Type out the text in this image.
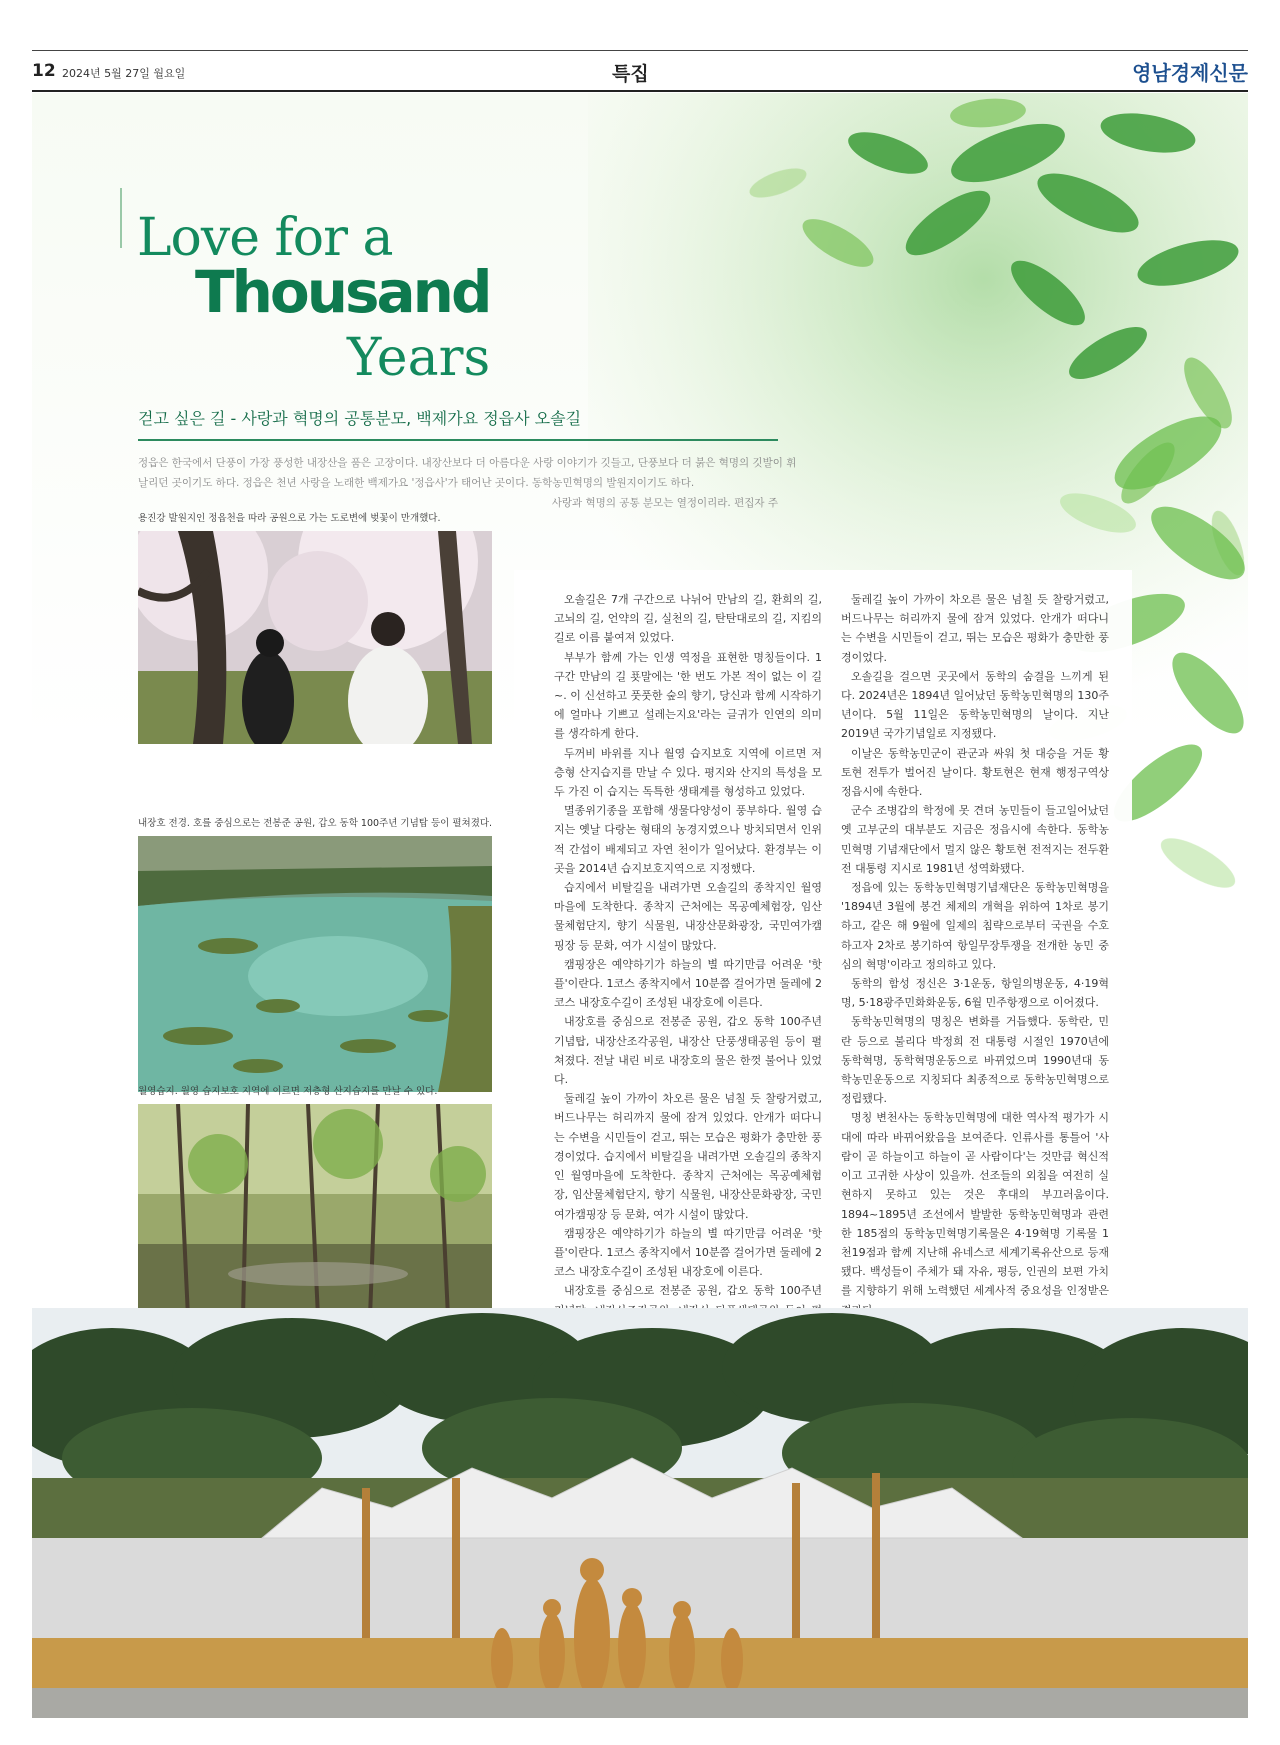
12 2024년 5월 27일 월요일	특집	영남경제신문
Love for a
Thousand
Years
걷고 싶은 길 - 사랑과 혁명의 공통분모, 백제가요 정읍사 오솔길
정읍은 한국에서 단풍이 가장 풍성한 내장산을 품은 고장이다. 내장산보다 더 아름다운 사랑 이야기가 깃들고, 단풍보다 더 붉은 혁명의 깃발이 휘날리던 곳이기도 하다. 정읍은 천년 사랑을 노래한 백제가요 '정읍사'가 태어난 곳이다. 동학농민혁명의 발원지이기도 하다.
사랑과 혁명의 공통 분모는 열정이리라. 편집자 주
용진강 발원지인 정읍천을 따라 공원으로 가는 도로변에 벚꽃이 만개했다.
내장호 전경. 호를 중심으로는 전봉준 공원, 갑오 동학 100주년 기념탑 등이 펼쳐졌다.
월영습지. 월영 습지보호 지역에 이르면 저층형 산지습지를 만날 수 있다.

오솔길은 7개 구간으로 나뉘어 만남의 길, 환희의 길, 고뇌의 길, 언약의 길, 실천의 길, 탄탄대로의 길, 지킴의 길로 이름 붙여져 있었다.

부부가 함께 가는 인생 역정을 표현한 명칭들이다. 1구간 만남의 길 푯말에는 '한 번도 가본 적이 없는 이 길~. 이 신선하고 풋풋한 숲의 향기, 당신과 함께 시작하기에 얼마나 기쁘고 설레는지요'라는 글귀가 인연의 의미를 생각하게 한다.

두꺼비 바위를 지나 월영 습지보호 지역에 이르면 저층형 산지습지를 만날 수 있다. 평지와 산지의 특성을 모두 가진 이 습지는 독특한 생태계를 형성하고 있었다.

멸종위기종을 포함해 생물다양성이 풍부하다. 월영 습지는 옛날 다랑논 형태의 농경지였으나 방치되면서 인위적 간섭이 배제되고 자연 천이가 일어났다. 환경부는 이곳을 2014년 습지보호지역으로 지정했다.

습지에서 비탈길을 내려가면 오솔길의 종착지인 월영마을에 도착한다. 종착지 근처에는 목공예체험장, 임산물체험단지, 향기 식물원, 내장산문화광장, 국민여가캠핑장 등 문화, 여가 시설이 많았다.

캠핑장은 예약하기가 하늘의 별 따기만큼 어려운 '핫플'이란다. 1코스 종착지에서 10분쯤 걸어가면 둘레에 2코스 내장호수길이 조성된 내장호에 이른다.

내장호를 중심으로 전봉준 공원, 갑오 동학 100주년 기념탑, 내장산조각공원, 내장산 단풍생태공원 등이 펼쳐졌다. 전날 내린 비로 내장호의 물은 한껏 불어나 있었다.

둘레길 높이 가까이 차오른 물은 넘칠 듯 찰랑거렸고, 버드나무는 허리까지 물에 잠겨 있었다. 안개가 떠다니는 수변을 시민들이 걷고, 뛰는 모습은 평화가 충만한 풍경이었다. 습지에서 비탈길을 내려가면 오솔길의 종착지인 월영마을에 도착한다. 종착지 근처에는 목공예체험장, 임산물체험단지, 향기 식물원, 내장산문화광장, 국민여가캠핑장 등 문화, 여가 시설이 많았다.

캠핑장은 예약하기가 하늘의 별 따기만큼 어려운 '핫플'이란다. 1코스 종착지에서 10분쯤 걸어가면 둘레에 2코스 내장호수길이 조성된 내장호에 이른다.

내장호를 중심으로 전봉준 공원, 갑오 동학 100주년

둘레길 높이 가까이 차오른 물은 넘칠 듯 찰랑거렸고, 버드나무는 허리까지 물에 잠겨 있었다. 안개가 떠다니는 수변을 시민들이 걷고, 뛰는 모습은 평화가 충만한 풍경이었다.

오솔길을 걸으면 곳곳에서 동학의 숨결을 느끼게 된다. 2024년은 1894년 일어났던 동학농민혁명의 130주년이다. 5월 11일은 동학농민혁명의 날이다. 지난 2019년 국가기념일로 지정됐다.

이날은 동학농민군이 관군과 싸워 첫 대승을 거둔 황토현 전투가 벌어진 날이다. 황토현은 현재 행정구역상 정읍시에 속한다.

군수 조병갑의 학정에 못 견뎌 농민들이 들고일어났던 옛 고부군의 대부분도 지금은 정읍시에 속한다. 동학농민혁명 기념재단에서 멀지 않은 황토현 전적지는 전두환 전 대통령 지시로 1981년 성역화됐다.

정읍에 있는 동학농민혁명기념재단은 동학농민혁명을 '1894년 3월에 봉건 체제의 개혁을 위하여 1차로 봉기하고, 같은 해 9월에 일제의 침략으로부터 국권을 수호하고자 2차로 봉기하여 항일무장투쟁을 전개한 농민 중심의 혁명'이라고 정의하고 있다.

동학의 함성 정신은 3·1운동, 항일의병운동, 4·19혁명, 5·18광주민화화운동, 6월 민주항쟁으로 이어졌다.

동학농민혁명의 명칭은 변화를 거듭했다. 동학란, 민란 등으로 불리다 박정희 전 대통령 시절인 1970년에 동학혁명, 동학혁명운동으로 바뀌었으며 1990년대 동학농민운동으로 지칭되다 최종적으로 동학농민혁명으로 정립됐다.

명칭 변천사는 동학농민혁명에 대한 역사적 평가가 시대에 따라 바뀌어왔음을 보여준다. 인류사를 통틀어 '사람이 곧 하늘이고 하늘이 곧 사람이다'는 것만큼 혁신적이고 고귀한 사상이 있을까. 선조들의 외침을 여전히 실현하지 못하고 있는 것은 후대의 부끄러움이다. 1894~1895년 조선에서 발발한 동학농민혁명과 관련한 185점의 동학농민혁명기록물은 4·19혁명 기록물 1천19점과 함께 지난해 유네스코 세계기록유산으로 등재됐다. 백성들이 주체가 돼 자유, 평등, 인권의 보편 가치를 지향하기 위해 노력했던 세계사적 중요성을 인정받은
